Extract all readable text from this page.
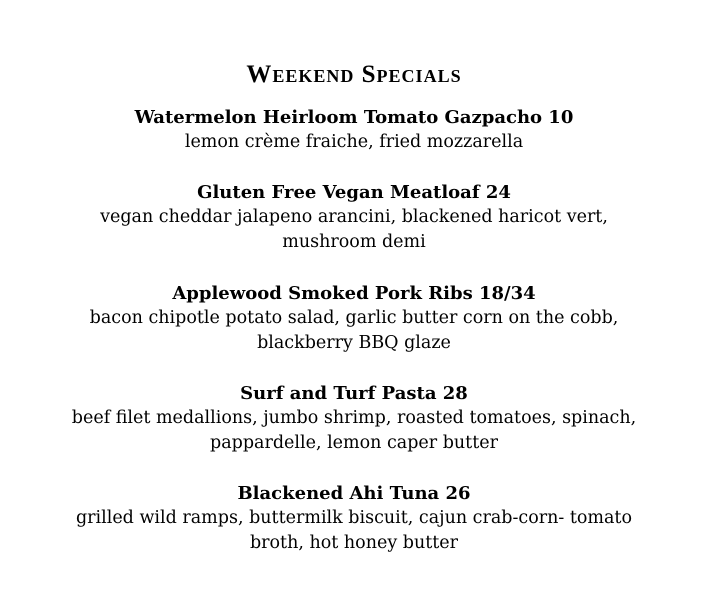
Weekend Specials
Watermelon Heirloom Tomato Gazpacho 10
lemon crème fraiche, fried mozzarella
Gluten Free Vegan Meatloaf 24
vegan cheddar jalapeno arancini, blackened haricot vert,
mushroom demi
Applewood Smoked Pork Ribs 18/34
bacon chipotle potato salad, garlic butter corn on the cobb,
blackberry BBQ glaze
Surf and Turf Pasta 28
beef filet medallions, jumbo shrimp, roasted tomatoes, spinach,
pappardelle, lemon caper butter
Blackened Ahi Tuna 26
grilled wild ramps, buttermilk biscuit, cajun crab-corn- tomato
broth, hot honey butter
